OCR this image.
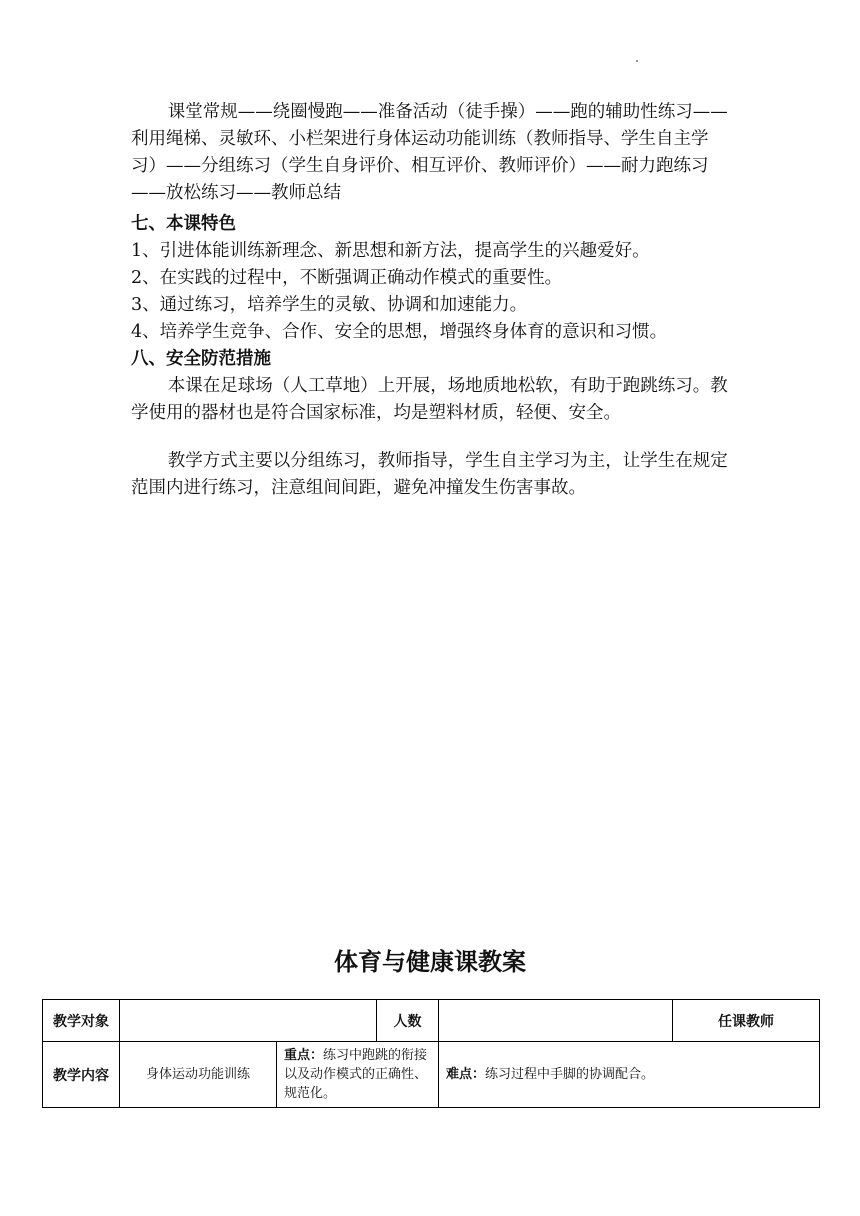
课堂常规——绕圈慢跑——准备活动（徒手操）——跑的辅助性练习——利用绳梯、灵敏环、小栏架进行身体运动功能训练（教师指导、学生自主学习）——分组练习（学生自身评价、相互评价、教师评价）——耐力跑练习——放松练习——教师总结
七、本课特色
1、引进体能训练新理念、新思想和新方法，提高学生的兴趣爱好。
2、在实践的过程中，不断强调正确动作模式的重要性。
3、通过练习，培养学生的灵敏、协调和加速能力。
4、培养学生竞争、合作、安全的思想，增强终身体育的意识和习惯。
八、安全防范措施
本课在足球场（人工草地）上开展，场地质地松软，有助于跑跳练习。教学使用的器材也是符合国家标准，均是塑料材质，轻便、安全。
教学方式主要以分组练习，教师指导，学生自主学习为主，让学生在规定范围内进行练习，注意组间间距，避免冲撞发生伤害事故。
体育与健康课教案
教学对象			人数		任课教师	
教学内容	身体运动功能训练	重点：练习中跑跳的衔接以及动作模式的正确性、规范化。		难点：练习过程中手脚的协调配合。		
